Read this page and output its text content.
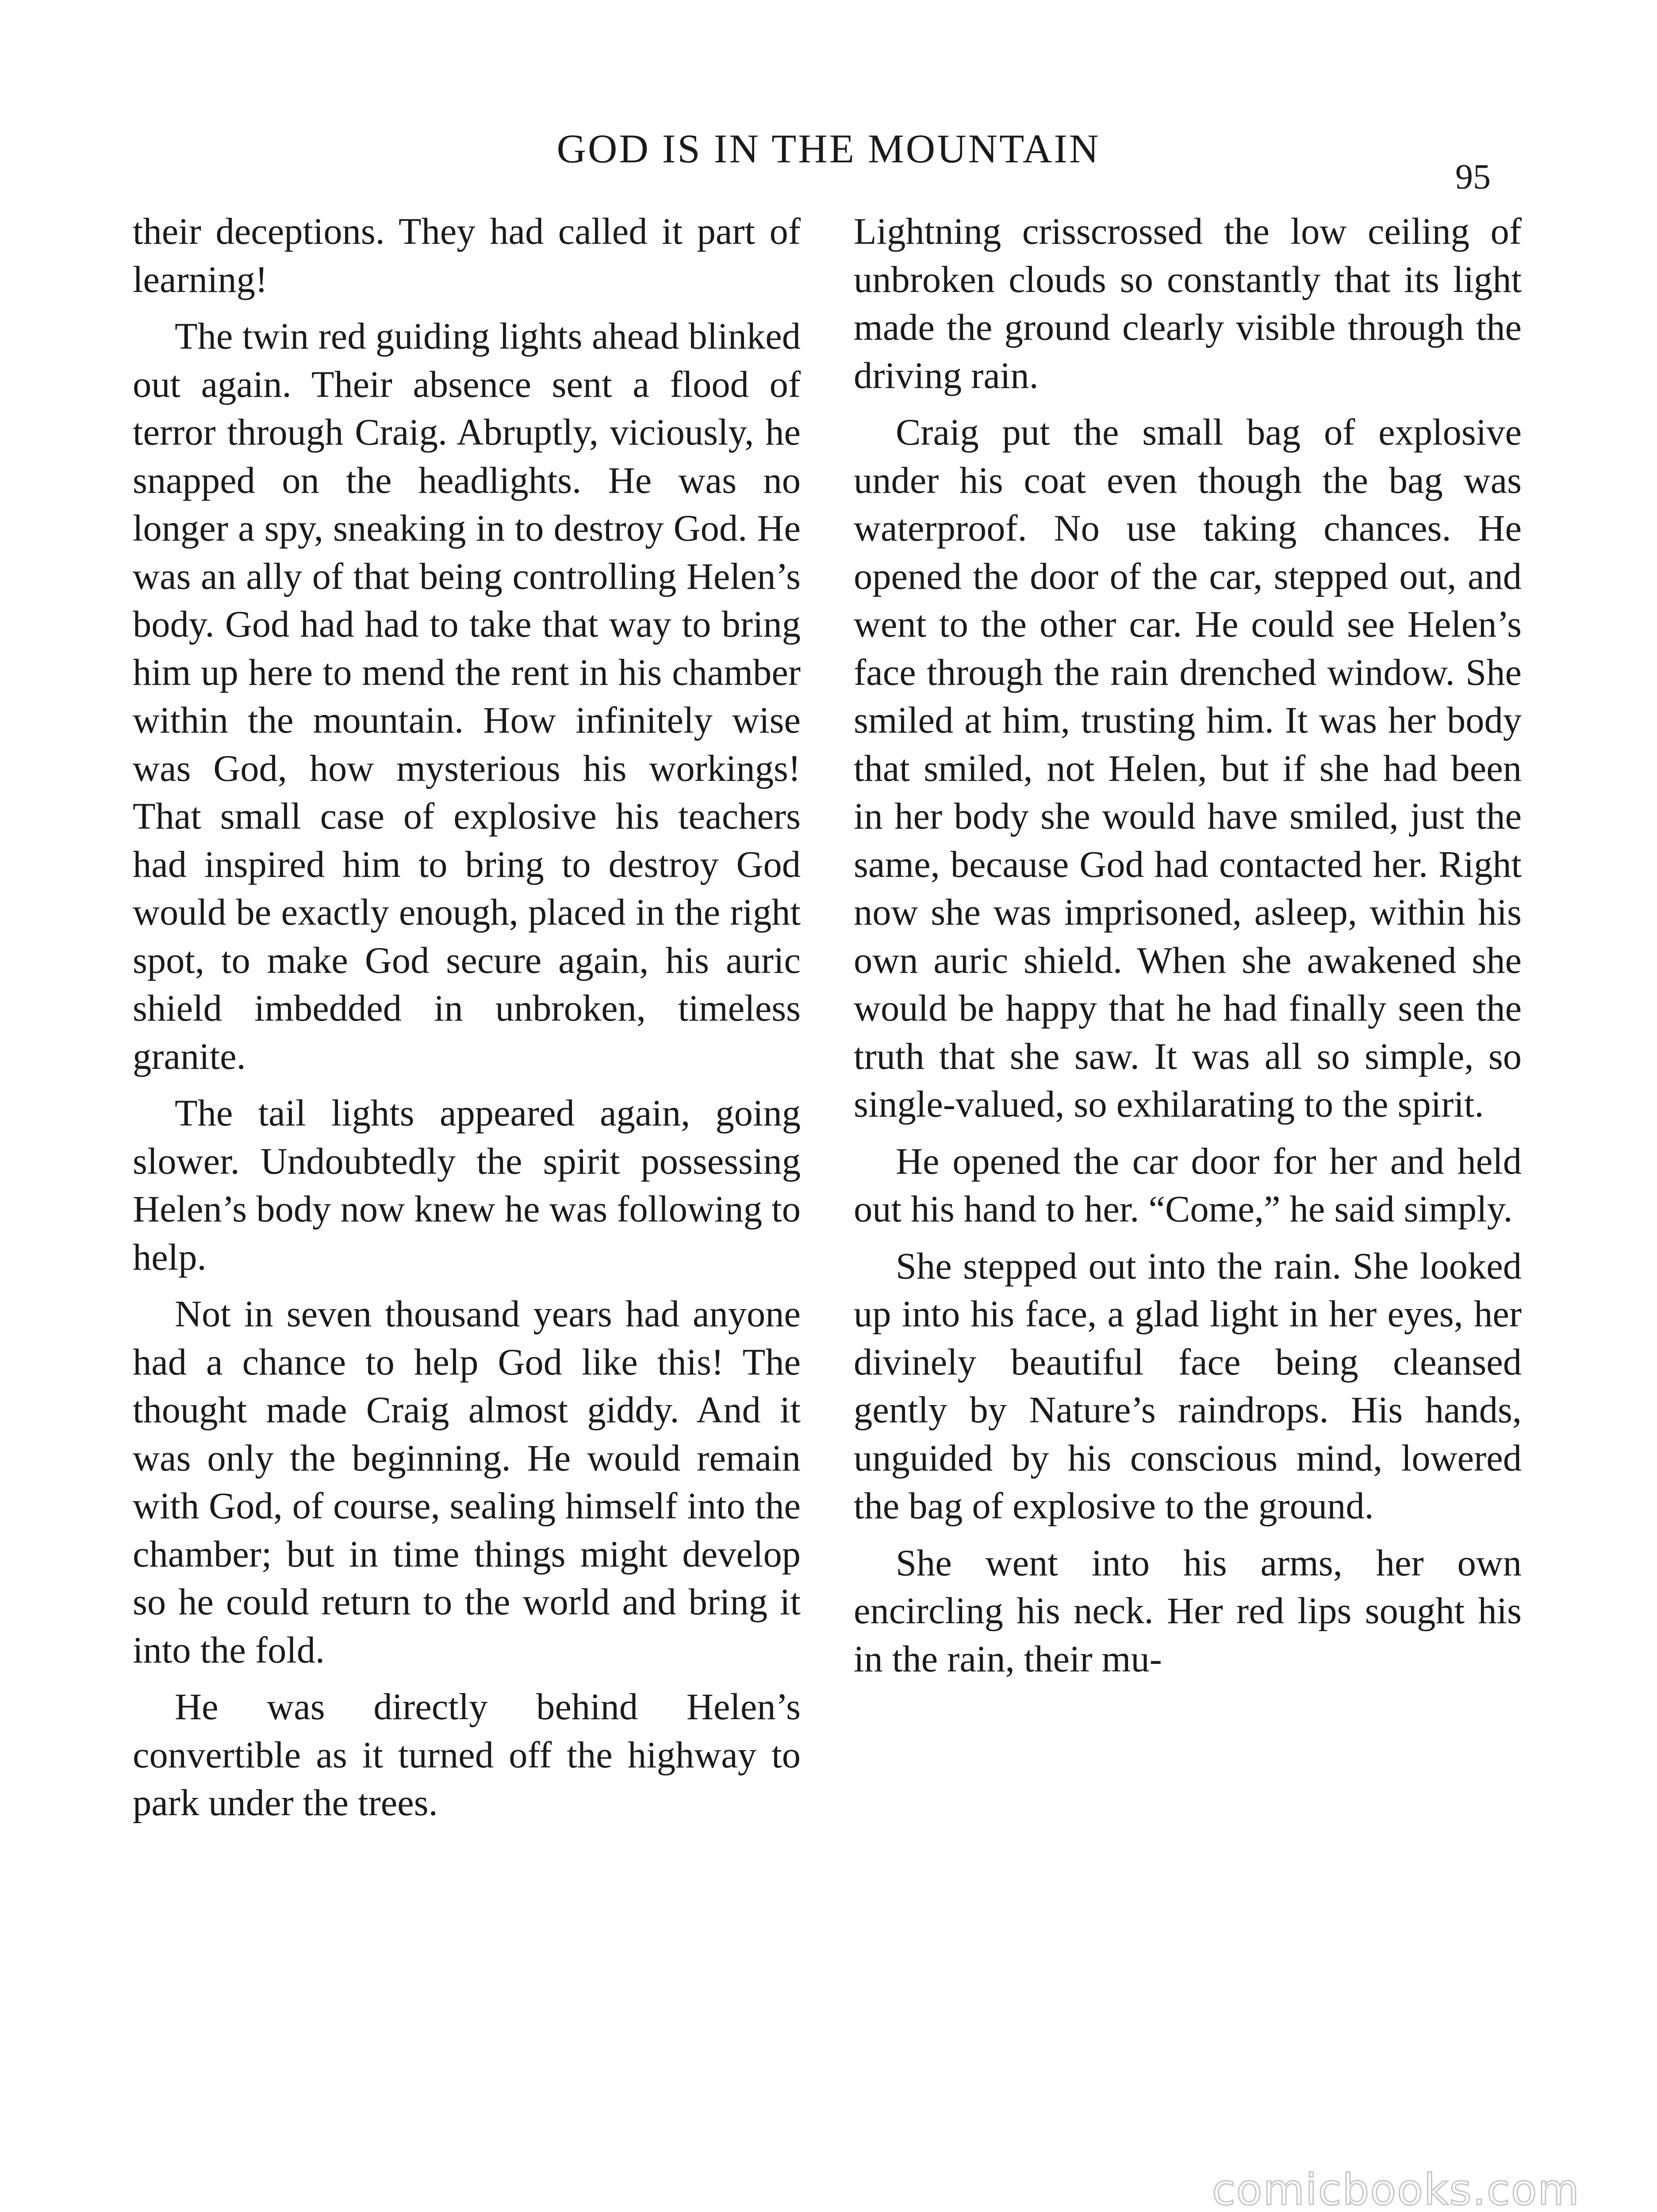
GOD IS IN THE MOUNTAIN
95

their deceptions. They had called it part of learning!

The twin red guiding lights ahead blinked out again. Their absence sent a flood of terror through Craig. Abruptly, viciously, he snapped on the headlights. He was no longer a spy, sneaking in to destroy God. He was an ally of that being controlling Helen’s body. God had had to take that way to bring him up here to mend the rent in his chamber within the mountain. How infinitely wise was God, how mysterious his workings! That small case of explosive his teachers had inspired him to bring to destroy God would be exactly enough, placed in the right spot, to make God secure again, his auric shield imbedded in unbroken, timeless granite.

The tail lights appeared again, going slower. Undoubtedly the spirit possessing Helen’s body now knew he was following to help.

Not in seven thousand years had anyone had a chance to help God like this! The thought made Craig almost giddy. And it was only the beginning. He would remain with God, of course, sealing himself into the chamber; but in time things might develop so he could return to the world and bring it into the fold.

He was directly behind Helen’s convertible as it turned off the highway to park under the trees.

Lightning crisscrossed the low ceiling of unbroken clouds so constantly that its light made the ground clearly visible through the driving rain.

Craig put the small bag of explosive under his coat even though the bag was waterproof. No use taking chances. He opened the door of the car, stepped out, and went to the other car. He could see Helen’s face through the rain drenched window. She smiled at him, trusting him. It was her body that smiled, not Helen, but if she had been in her body she would have smiled, just the same, because God had contacted her. Right now she was imprisoned, asleep, within his own auric shield. When she awakened she would be happy that he had finally seen the truth that she saw. It was all so simple, so single-valued, so exhilarating to the spirit.

He opened the car door for her and held out his hand to her. “Come,” he said simply.

She stepped out into the rain. She looked up into his face, a glad light in her eyes, her divinely beautiful face being cleansed gently by Nature’s raindrops. His hands, unguided by his conscious mind, lowered the bag of explosive to the ground.

She went into his arms, her own encircling his neck. Her red lips sought his in the rain, their mu-

comicbooks.com
